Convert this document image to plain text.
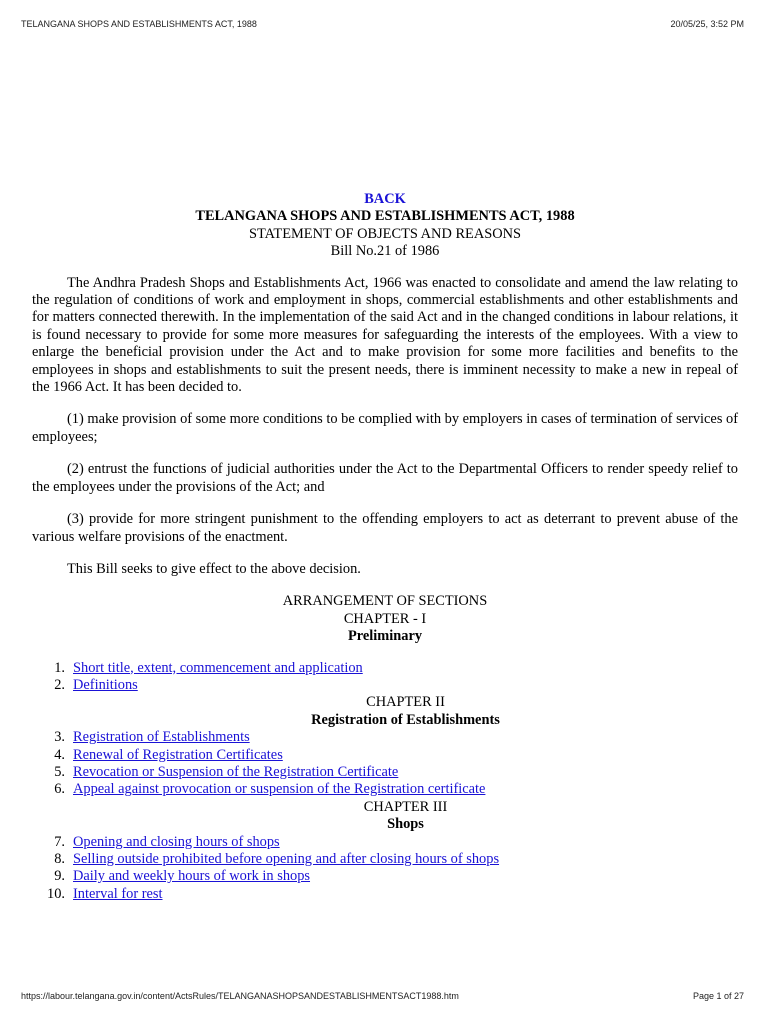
TELANGANA SHOPS AND ESTABLISHMENTS ACT, 1988	20/05/25, 3:52 PM
BACK
TELANGANA SHOPS AND ESTABLISHMENTS ACT, 1988
STATEMENT OF OBJECTS AND REASONS
Bill No.21 of 1986

The Andhra Pradesh Shops and Establishments Act, 1966 was enacted to consolidate and amend the law relating to the regulation of conditions of work and employment in shops, commercial establishments and other establishments and for matters connected therewith. In the implementation of the said Act and in the changed conditions in labour relations, it is found necessary to provide for some more measures for safeguarding the interests of the employees. With a view to enlarge the beneficial provision under the Act and to make provision for some more facilities and benefits to the employees in shops and establishments to suit the present needs, there is imminent necessity to make a new in repeal of the 1966 Act. It has been decided to.

(1) make provision of some more conditions to be complied with by employers in cases of termination of services of employees;

(2) entrust the functions of judicial authorities under the Act to the Departmental Officers to render speedy relief to the employees under the provisions of the Act; and

(3) provide for more stringent punishment to the offending employers to act as deterrant to prevent abuse of the various welfare provisions of the enactment.

This Bill seeks to give effect to the above decision.

ARRANGEMENT OF SECTIONS
CHAPTER - I
Preliminary
1. Short title, extent, commencement and application
2. Definitions
CHAPTER II
Registration of Establishments
3. Registration of Establishments
4. Renewal of Registration Certificates
5. Revocation or Suspension of the Registration Certificate
6. Appeal against provocation or suspension of the Registration certificate
CHAPTER III
Shops
7. Opening and closing hours of shops
8. Selling outside prohibited before opening and after closing hours of shops
9. Daily and weekly hours of work in shops
10. Interval for rest
https://labour.telangana.gov.in/content/ActsRules/TELANGANASHOPSANDESTABLISHMENTSACT1988.htm	Page 1 of 27
